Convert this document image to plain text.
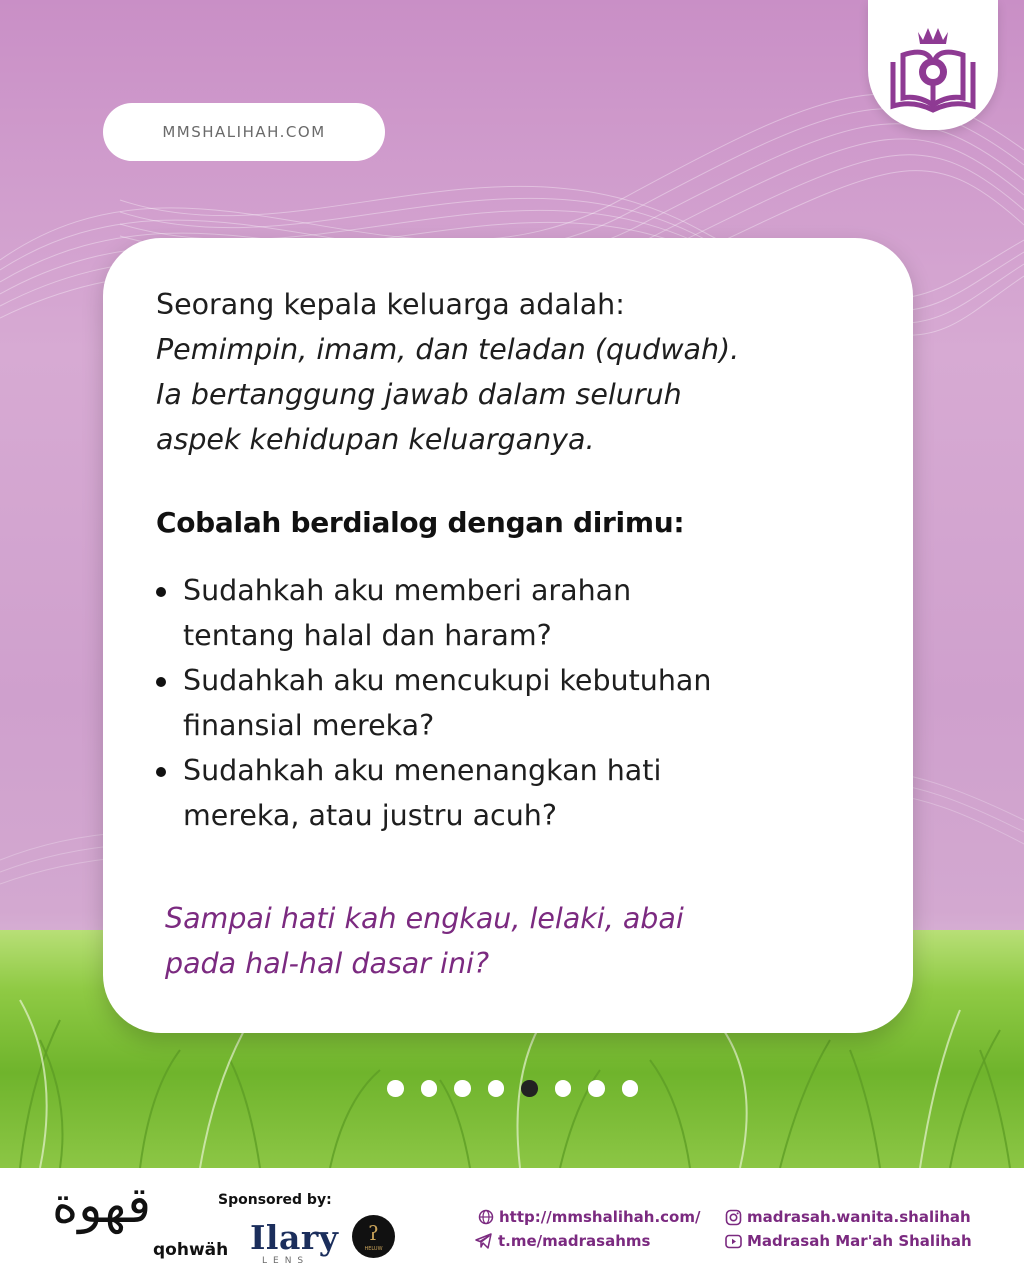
MMSHALIHAH.COM
Seorang kepala keluarga adalah:
Pemimpin, imam, dan teladan (qudwah).
Ia bertanggung jawab dalam seluruh
aspek kehidupan keluarganya.
Cobalah berdialog dengan dirimu:
Sudahkah aku memberi arahan
tentang halal dan haram?
Sudahkah aku mencukupi kebutuhan
finansial mereka?
Sudahkah aku menenangkan hati
mereka, atau justru acuh?
Sampai hati kah engkau, lelaki, abai
pada hal-hal dasar ini?
قهوة
qohwäh
Sponsored by:
Ilary
LENS
ʔ
HELUW
http://mmshalihah.com/
t.me/madrasahms
madrasah.wanita.shalihah
Madrasah Mar'ah Shalihah
